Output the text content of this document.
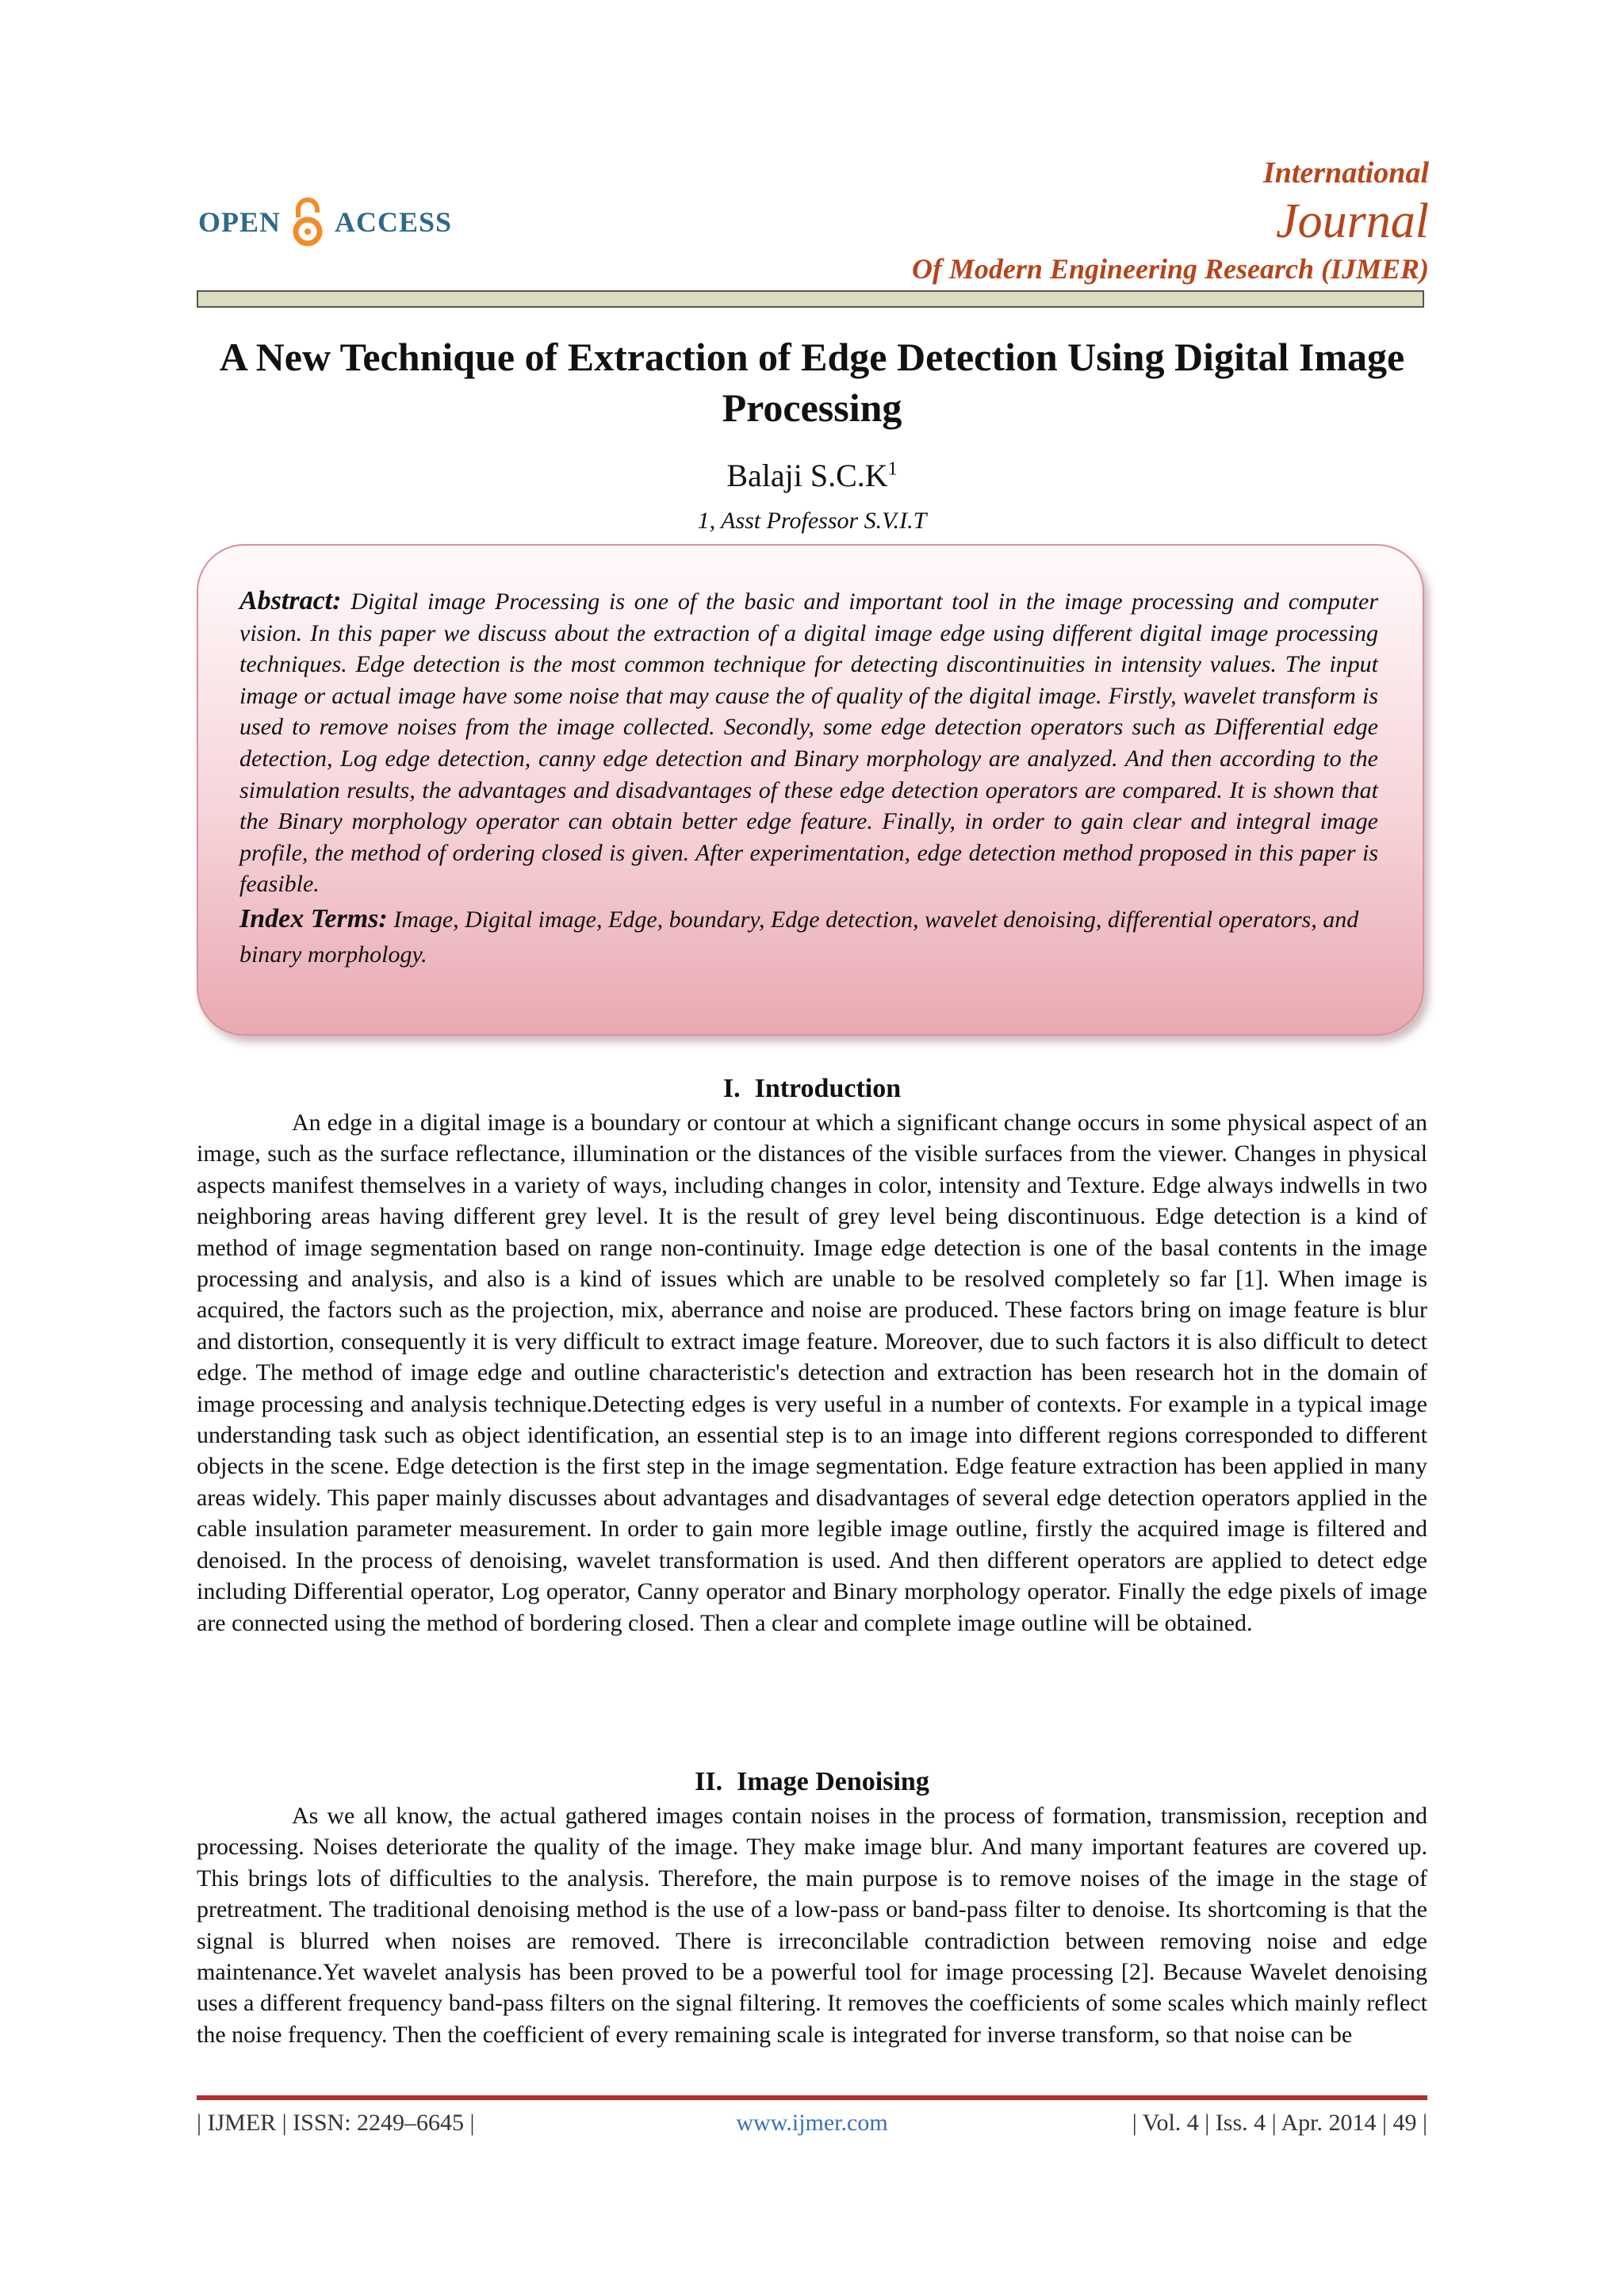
OPEN ACCESS
International
Journal
Of Modern Engineering Research (IJMER)
A New Technique of Extraction of Edge Detection Using Digital Image Processing
Balaji $S.C.K^1$
1, Asst Professor S.V.I.T
Abstract: Digital image Processing is one of the basic and important tool in the image processing and computer vision. In this paper we discuss about the extraction of a digital image edge using different digital image processing techniques. Edge detection is the most common technique for detecting discontinuities in intensity values. The input image or actual image have some noise that may cause the of quality of the digital image. Firstly, wavelet transform is used to remove noises from the image collected. Secondly, some edge detection operators such as Differential edge detection, Log edge detection, canny edge detection and Binary morphology are analyzed. And then according to the simulation results, the advantages and disadvantages of these edge detection operators are compared. It is shown that the Binary morphology operator can obtain better edge feature. Finally, in order to gain clear and integral image profile, the method of ordering closed is given. After experimentation, edge detection method proposed in this paper is feasible.
Index Terms: Image, Digital image, Edge, boundary, Edge detection, wavelet denoising, differential operators, and binary morphology.
I. Introduction
An edge in a digital image is a boundary or contour at which a significant change occurs in some physical aspect of an image, such as the surface reflectance, illumination or the distances of the visible surfaces from the viewer. Changes in physical aspects manifest themselves in a variety of ways, including changes in color, intensity and Texture. Edge always indwells in two neighboring areas having different grey level. It is the result of grey level being discontinuous. Edge detection is a kind of method of image segmentation based on range non-continuity. Image edge detection is one of the basal contents in the image processing and analysis, and also is a kind of issues which are unable to be resolved completely so far [1]. When image is acquired, the factors such as the projection, mix, aberrance and noise are produced. These factors bring on image feature is blur and distortion, consequently it is very difficult to extract image feature. Moreover, due to such factors it is also difficult to detect edge. The method of image edge and outline characteristic's detection and extraction has been research hot in the domain of image processing and analysis technique.Detecting edges is very useful in a number of contexts. For example in a typical image understanding task such as object identification, an essential step is to an image into different regions corresponded to different objects in the scene. Edge detection is the first step in the image segmentation. Edge feature extraction has been applied in many areas widely. This paper mainly discusses about advantages and disadvantages of several edge detection operators applied in the cable insulation parameter measurement. In order to gain more legible image outline, firstly the acquired image is filtered and denoised. In the process of denoising, wavelet transformation is used. And then different operators are applied to detect edge including Differential operator, Log operator, Canny operator and Binary morphology operator. Finally the edge pixels of image are connected using the method of bordering closed. Then a clear and complete image outline will be obtained.
II. Image Denoising
As we all know, the actual gathered images contain noises in the process of formation, transmission, reception and processing. Noises deteriorate the quality of the image. They make image blur. And many important features are covered up. This brings lots of difficulties to the analysis. Therefore, the main purpose is to remove noises of the image in the stage of pretreatment. The traditional denoising method is the use of a low-pass or band-pass filter to denoise. Its shortcoming is that the signal is blurred when noises are removed. There is irreconcilable contradiction between removing noise and edge maintenance.Yet wavelet analysis has been proved to be a powerful tool for image processing [2]. Because Wavelet denoising uses a different frequency band-pass filters on the signal filtering. It removes the coefficients of some scales which mainly reflect the noise frequency. Then the coefficient of every remaining scale is integrated for inverse transform, so that noise can be
| IJMER | ISSN: 2249–6645 |	www.ijmer.com	| Vol. 4 | Iss. 4 | Apr. 2014 | 49 |
